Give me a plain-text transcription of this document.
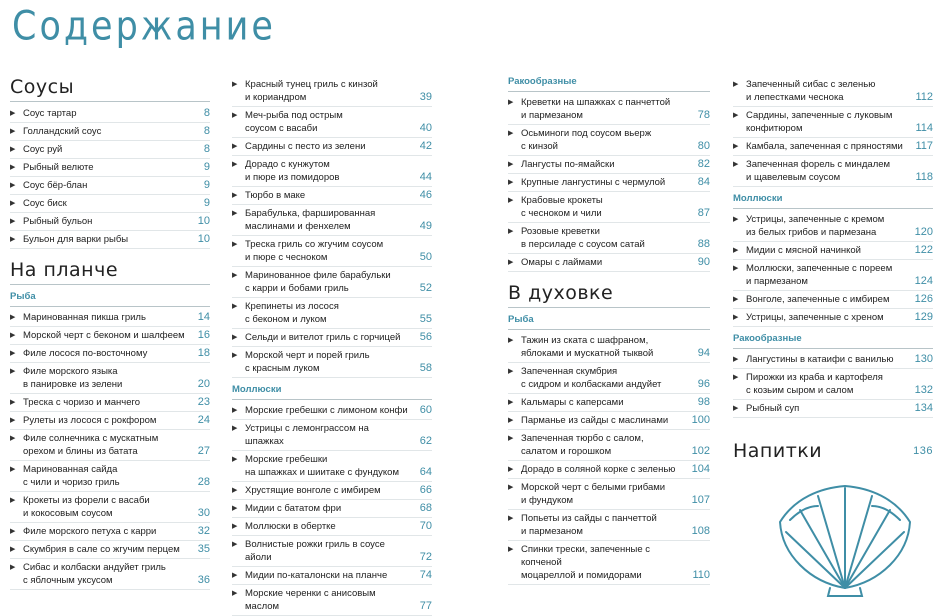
Содержание
Соусы
▶ Соус тартар	8
▶ Голландский соус	8
▶ Соус руй	8
▶ Рыбный велюте	9
▶ Соус бёр-блан	9
▶ Соус биск	9
▶ Рыбный бульон	10
▶ Бульон для варки рыбы	10
На планче
Рыба
▶ Маринованная пикша гриль	14
▶ Морской черт с беконом и шалфеем	16
▶ Филе лосося по-восточному	18
▶ Филе морского языка
в панировке из зелени	20
▶ Треска с чоризо и манчего	23
▶ Рулеты из лосося с рокфором	24
▶ Филе солнечника с мускатным
орехом и блины из батата	27
▶ Маринованная сайда
с чили и чоризо гриль	28
▶ Крокеты из форели с васаби
и кокосовым соусом	30
▶ Филе морского петуха с карри	32
▶ Скумбрия в сале со жгучим перцем	35
▶ Сибас и колбаски андуйет гриль
с яблочным уксусом	36
▶ Красный тунец гриль с кинзой
и кориандром	39
▶ Меч-рыба под острым
соусом с васаби	40
▶ Сардины с песто из зелени	42
▶ Дорадо с кунжутом
и пюре из помидоров	44
▶ Тюрбо в маке	46
▶ Барабулька, фаршированная
маслинами и фенхелем	49
▶ Треска гриль со жгучим соусом
и пюре с чесноком	50
▶ Маринованное филе барабульки
с карри и бобами гриль	52
▶ Крепинеты из лосося
с беконом и луком	55
▶ Сельди и вителот гриль с горчицей	56
▶ Морской черт и порей гриль
с красным луком	58
Моллюски
▶ Морские гребешки с лимоном конфи	60
▶ Устрицы с лемонграссом на шпажках	62
▶ Морские гребешки
на шпажках и шиитаке с фундуком	64
▶ Хрустящие вонголе с имбирем	66
▶ Мидии с бататом фри	68
▶ Моллюски в обертке	70
▶ Волнистые рожки гриль в соусе айоли	72
▶ Мидии по-каталонски на планче	74
▶ Морские черенки с анисовым маслом	77
Ракообразные
▶ Креветки на шпажках с панчеттой
и пармезаном	78
▶ Осьминоги под соусом вьерж
с кинзой	80
▶ Лангусты по-ямайски	82
▶ Крупные лангустины с чермулой	84
▶ Крабовые крокеты
с чесноком и чили	87
▶ Розовые креветки
в персиладе с соусом сатай	88
▶ Омары с лаймами	90
В духовке
Рыба
▶ Тажин из ската с шафраном,
яблоками и мускатной тыквой	94
▶ Запеченная скумбрия
с сидром и колбасками андуйет	96
▶ Кальмары с каперсами	98
▶ Парманье из сайды с маслинами	100
▶ Запеченная тюрбо с салом,
салатом и горошком	102
▶ Дорадо в соляной корке с зеленью	104
▶ Морской черт с белыми грибами
и фундуком	107
▶ Попьеты из сайды с панчеттой
и пармезаном	108
▶ Спинки трески, запеченные с копченой
моцареллой и помидорами	110
▶ Запеченный сибас с зеленью
и лепестками чеснока	112
▶ Сардины, запеченные с луковым
конфитюром	114
▶ Камбала, запеченная с пряностями	117
▶ Запеченная форель с миндалем
и щавелевым соусом	118
Моллюски
▶ Устрицы, запеченные с кремом
из белых грибов и пармезана	120
▶ Мидии с мясной начинкой	122
▶ Моллюски, запеченные с пореем
и пармезаном	124
▶ Вонголе, запеченные с имбирем	126
▶ Устрицы, запеченные с хреном	129
Ракообразные
▶ Лангустины в катаифи с ванилью	130
▶ Пирожки из краба и картофеля
с козьим сыром и салом	132
▶ Рыбный суп	134
Напитки	136
